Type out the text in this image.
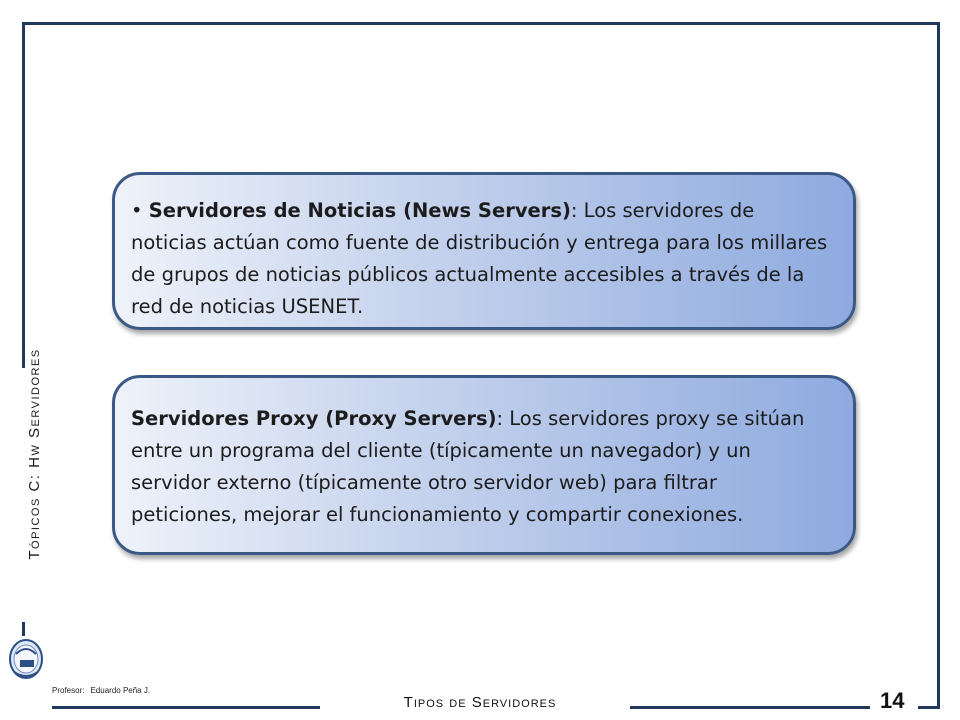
Tópicos C: Hw Servidores
• Servidores de Noticias (News Servers): Los servidores de noticias actúan como fuente de distribución y entrega para los millares de grupos de noticias públicos actualmente accesibles a través de la red de noticias USENET.
Servidores Proxy (Proxy Servers): Los servidores proxy se sitúan entre un programa del cliente (típicamente un navegador) y un servidor externo (típicamente otro servidor web) para filtrar peticiones, mejorar el funcionamiento y compartir conexiones.
Profesor: Eduardo Peña J.
Tipos de Servidores	14
